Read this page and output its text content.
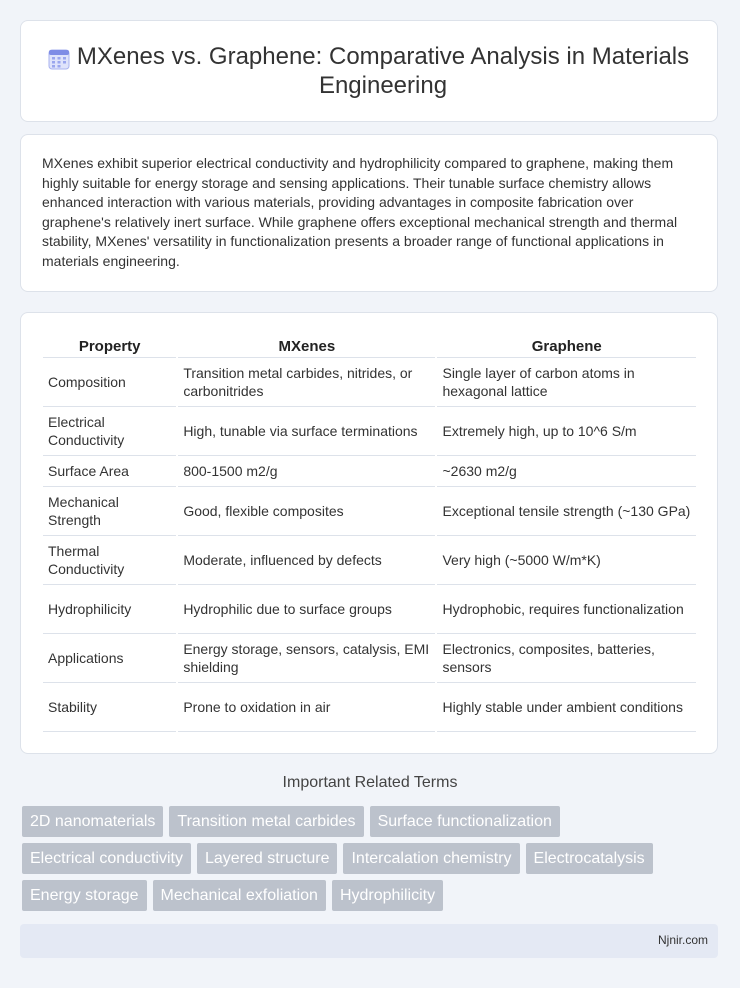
MXenes vs. Graphene: Comparative Analysis in Materials Engineering

MXenes exhibit superior electrical conductivity and hydrophilicity compared to graphene, making them highly suitable for energy storage and sensing applications. Their tunable surface chemistry allows enhanced interaction with various materials, providing advantages in composite fabrication over graphene's relatively inert surface. While graphene offers exceptional mechanical strength and thermal stability, MXenes' versatility in functionalization presents a broader range of functional applications in materials engineering.

Property	MXenes	Graphene
Composition	Transition metal carbides, nitrides, or carbonitrides	Single layer of carbon atoms in hexagonal lattice
Electrical Conductivity	High, tunable via surface terminations	Extremely high, up to 10^6 S/m
Surface Area	800-1500 m2/g	~2630 m2/g
Mechanical Strength	Good, flexible composites	Exceptional tensile strength (~130 GPa)
Thermal Conductivity	Moderate, influenced by defects	Very high (~5000 W/m*K)
Hydrophilicity	Hydrophilic due to surface groups	Hydrophobic, requires functionalization
Applications	Energy storage, sensors, catalysis, EMI shielding	Electronics, composites, batteries, sensors
Stability	Prone to oxidation in air	Highly stable under ambient conditions
Important Related Terms
2D nanomaterials	Transition metal carbides	Surface functionalization
Electrical conductivity	Layered structure	Intercalation chemistry	Electrocatalysis
Energy storage	Mechanical exfoliation	Hydrophilicity
Njnir.com
